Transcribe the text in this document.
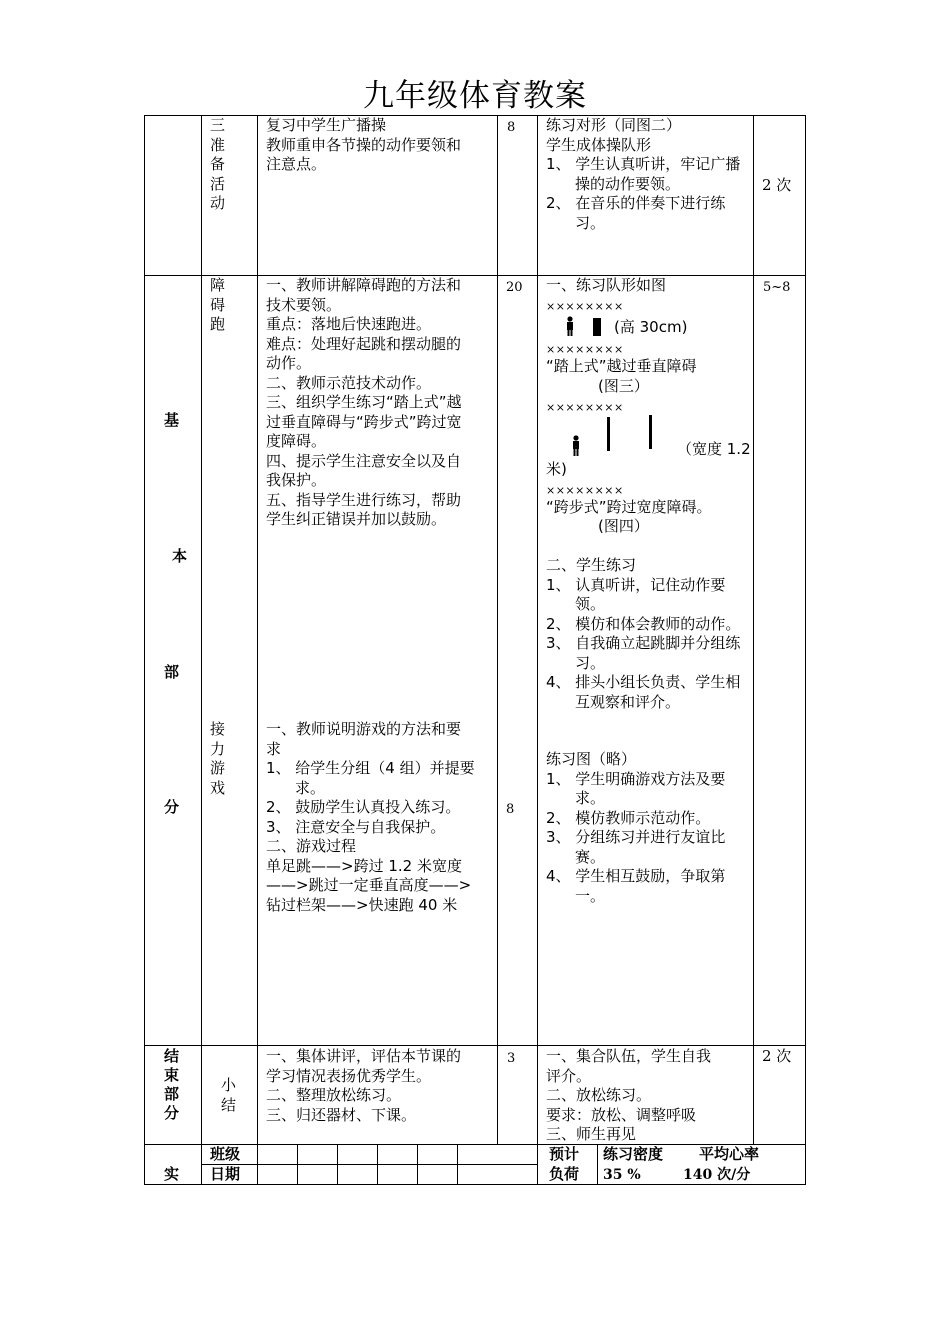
九年级体育教案
三
准
备
活
动
复习中学生广播操
教师重申各节操的动作要领和
注意点。
8 练习对形（同图二）
学生成体操队形
1、 学生认真听讲，牢记广播操的动作要领。
2、 在音乐的伴奏下进行练习。
2 次
基
本
部
分
障
碍
跑
一、教师讲解障碍跑的方法和
技术要领。
重点：落地后快速跑进。
难点：处理好起跳和摆动腿的
动作。
二、教师示范技术动作。
三、组织学生练习“踏上式”越
过垂直障碍与“跨步式”跨过宽
度障碍。
四、提示学生注意安全以及自
我保护。
五、指导学生进行练习，帮助
学生纠正错误并加以鼓励。
20	5~8
一、练习队形如图
××××××××
(高 30cm)
××××××××
“踏上式”越过垂直障碍
(图三）
××××××××
（宽度 1.2
米)
××××××××
“跨步式”跨过宽度障碍。
(图四）
二、学生练习
1、 认真听讲，记住动作要领。
2、 模仿和体会教师的动作。
3、 自我确立起跳脚并分组练习。
4、 排头小组长负责、学生相互观察和评介。
接
力
游
戏
一、教师说明游戏的方法和要
求
1、 给学生分组（4 组）并提要求。
2、 鼓励学生认真投入练习。
3、 注意安全与自我保护。
二、游戏过程
单足跳——>跨过 1.2 米宽度
——>跳过一定垂直高度——>
钻过栏架——>快速跑 40 米
8
练习图（略）
1、 学生明确游戏方法及要求。
2、 模仿教师示范动作。
3、 分组练习并进行友谊比赛。
4、 学生相互鼓励，争取第一。
结
束
部
分
小
结
一、集体讲评，评估本节课的
学习情况表扬优秀学生。
二、整理放松练习。
三、归还器材、下课。
3 一、集合队伍，学生自我
评介。
二、放松练习。
要求：放松、调整呼吸
三、师生再见
2 次
实
班级
日期
预计
负荷
练习密度
35 %
平均心率
140 次/分
